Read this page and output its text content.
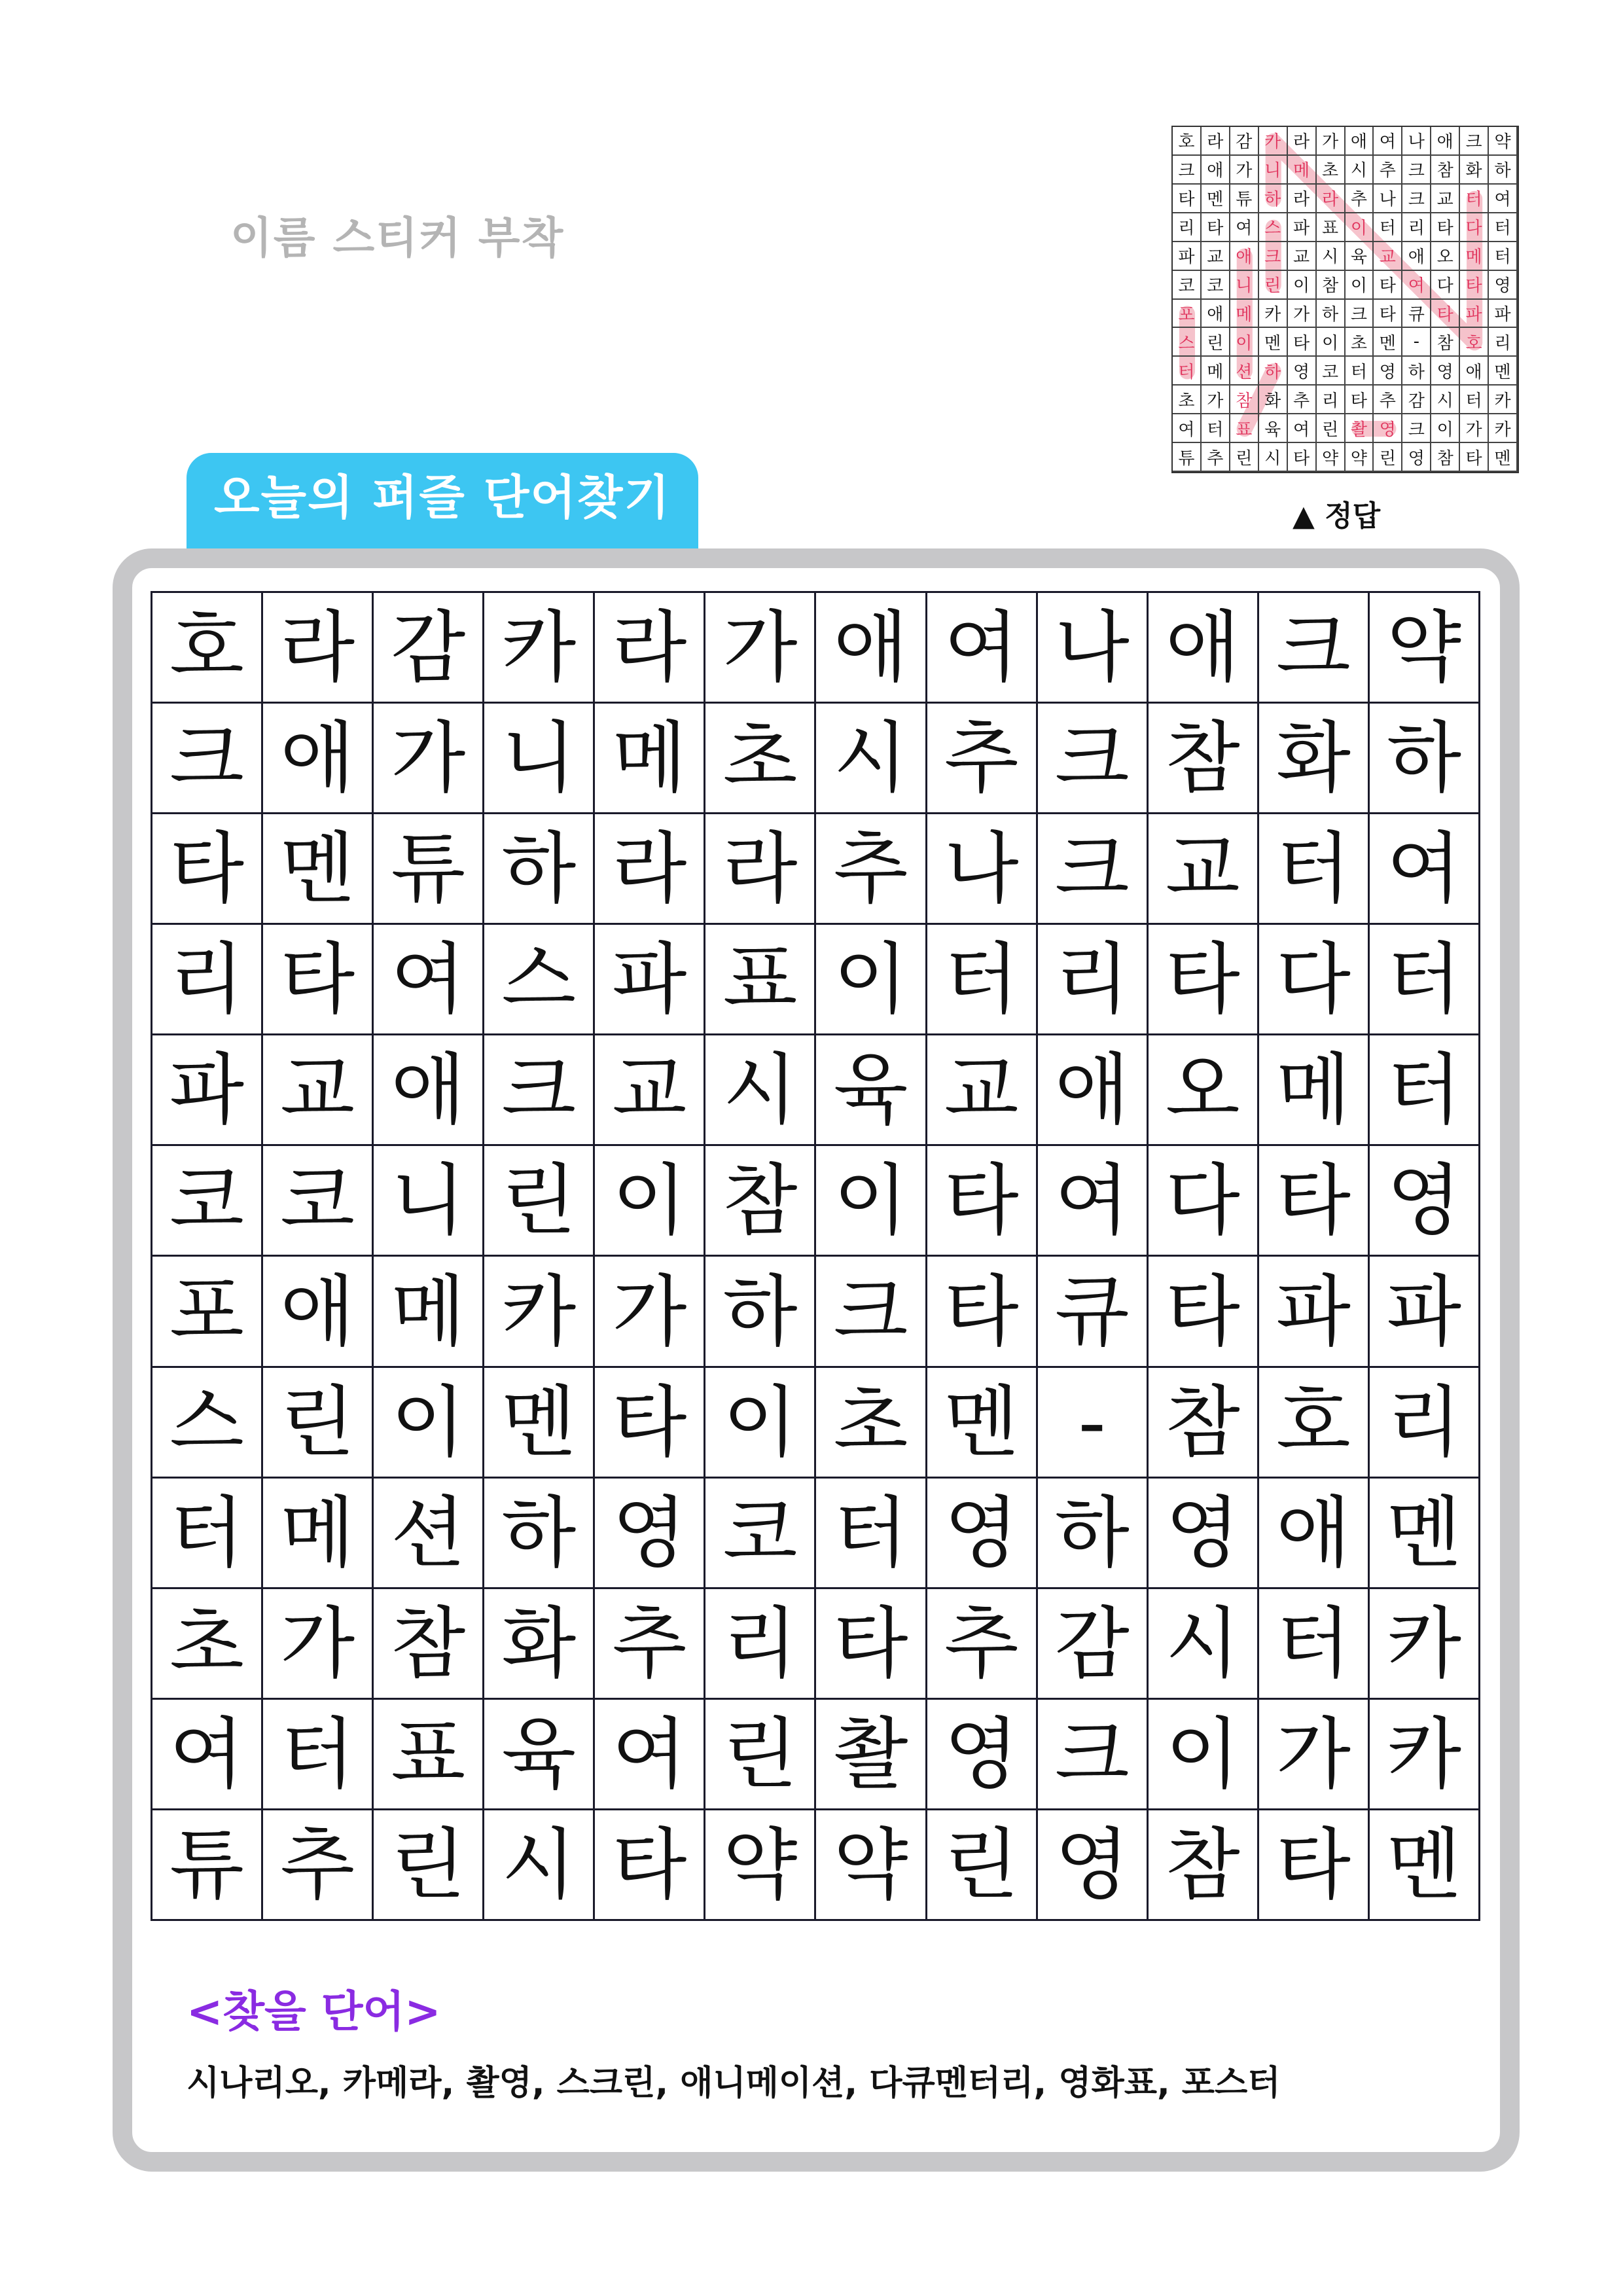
이름 스티커 부착
호 라 감 카 라 가 애 여 나 애 크 약
크 애 가 니 메 초 시 추 크 참 화 하
타 멘 튜 하 라 라 추 나 크 교 터 여
리 타 여 스 파 표 이 터 리 타 다 터
파 교 애 크 교 시 육 교 애 오 메 터
코 코 니 린 이 참 이 타 여 다 타 영
포 애 메 카 가 하 크 타 큐 타 파 파
스 린 이 멘 타 이 초 멘	-	참 호 리
터 메 션 하 영 코 터 영 하 영 애 멘
초 가 참 화 추 리 타 추 감 시 터 카
여 터 표 육 여 린 촬 영 크 이 가 카
튜 추 린 시 타 약 약 린 영 참 타 멘
▲ 정답
오늘의 퍼즐 단어찾기
호 라 감 카 라 가 애 여 나 애 크 약
크 애 가 니 메 초 시 추 크 참 화 하
타 멘 튜 하 라 라 추 나 크 교 터 여
리 타 여 스 파 표 이 터 리 타 다 터
파 교 애 크 교 시 육 교 애 오 메 터
코 코 니 린 이 참 이 타 여 다 타 영
포 애 메 카 가 하 크 타 큐 타 파 파
스 린 이 멘 타 이 초 멘 - 참 호 리
터 메 션 하 영 코 터 영 하 영 애 멘
초 가 참 화 추 리 타 추 감 시 터 카
여 터 표 육 여 린 촬 영 크 이 가 카
튜 추 린 시 타 약 약 린 영 참 타 멘
<찾을 단어>
시나리오, 카메라, 촬영, 스크린, 애니메이션, 다큐멘터리, 영화표, 포스터
